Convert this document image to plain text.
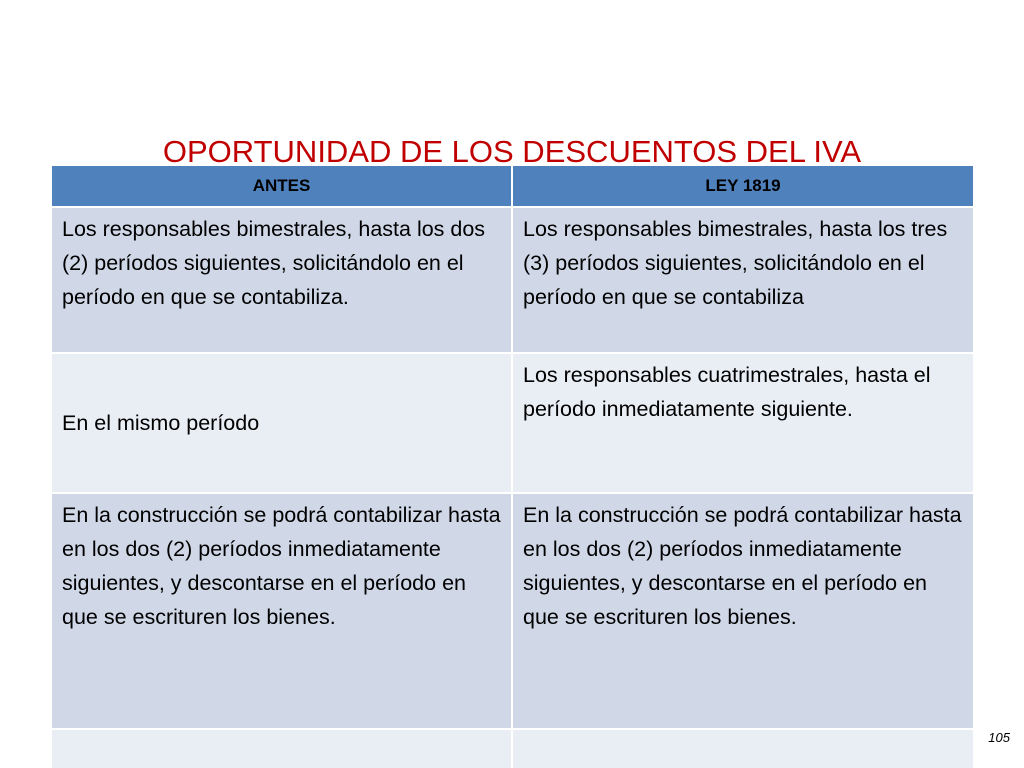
OPORTUNIDAD DE LOS DESCUENTOS DEL IVA
ANTES	LEY 1819
Los responsables bimestrales, hasta los dos (2) períodos siguientes, solicitándolo en el período en que se contabiliza.	Los responsables bimestrales, hasta los tres (3) períodos siguientes, solicitándolo en el período en que se contabiliza
En el mismo período	Los responsables cuatrimestrales, hasta el período inmediatamente siguiente.
En la construcción se podrá contabilizar hasta en los dos (2) períodos inmediatamente siguientes, y descontarse en el período en que se escrituren los bienes.	En la construcción se podrá contabilizar hasta en los dos (2) períodos inmediatamente siguientes, y descontarse en el período en que se escrituren los bienes.

105
